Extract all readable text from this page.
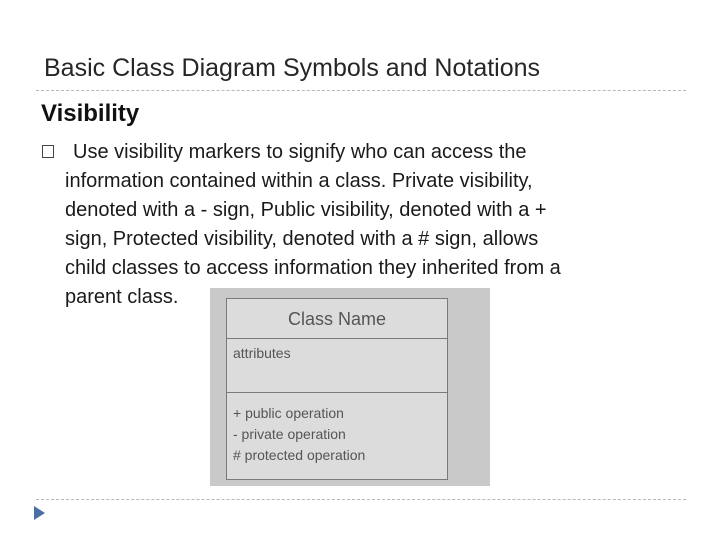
Basic Class Diagram Symbols and Notations
Visibility
Use visibility markers to signify who can access the
information contained within a class. Private visibility,
denoted with a - sign, Public visibility, denoted with a +
sign, Protected visibility, denoted with a # sign, allows
child classes to access information they inherited from a
parent class.
Class Name
attributes
+ public operation
- private operation
# protected operation
